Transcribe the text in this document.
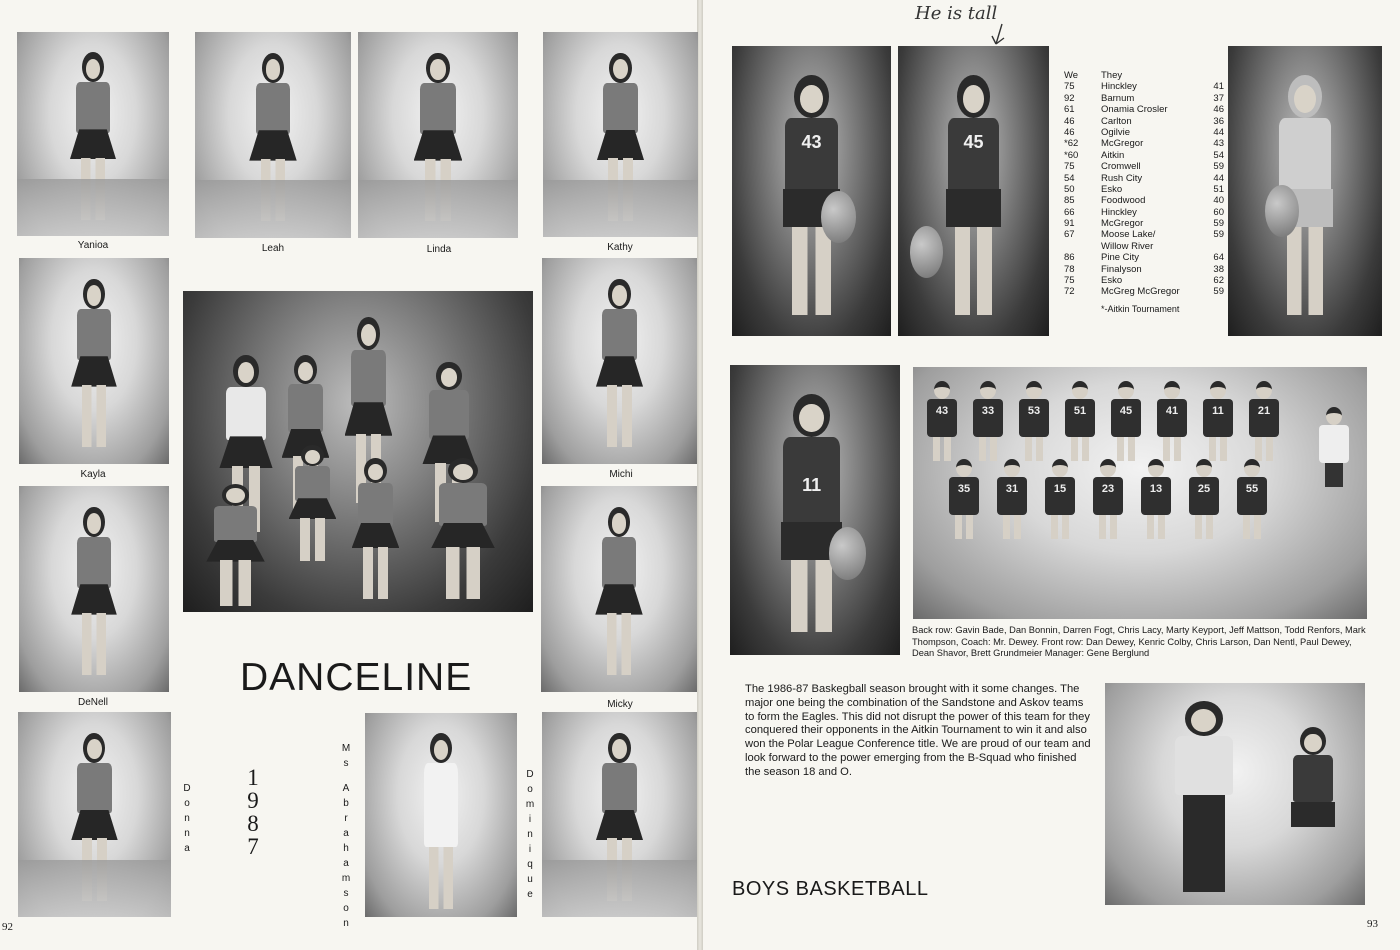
Yanioa	Leah	Linda	Kathy
Kayla	Michi
DeNell	Micky
DANCELINE
D
o
n
n
a
1
9
8
7
M
s
A
b
r
a
h
a
m
s
o
n
D
o
m
i
n
i
q
u
e
92
He is tall
43	45
We They
75	Hinckley	41
92	Barnum	37
61	Onamia Crosler	46
46	Carlton	36
46	Ogilvie	44
*62 McGregor	43
*60 Aitkin	54
75	Cromwell	59
54	Rush City	44
50	Esko	51
85	Foodwood	40
66	Hinckley	60
91	McGregor	59
67	Moose Lake/	59
Willow River
86	Pine City	64
78	Finalyson	38
75	Esko	62
72	McGreg McGregor	59
*-Aitkin Tournament
11
43	33	53	51	45	41	11	21
35	31	15	23	13	25	55
Back row: Gavin Bade, Dan Bonnin, Darren Fogt, Chris Lacy, Marty Keyport, Jeff Mattson, Todd Renfors, Mark Thompson, Coach: Mr. Dewey. Front row: Dan Dewey, Kenric Colby, Chris Larson, Dan Nentl, Paul Dewey, Dean Shavor, Brett Grundmeier Manager: Gene Berglund
The 1986-87 Baskegball season brought with it some changes. The major one being the combination of the Sandstone and Askov teams to form the Eagles. This did not disrupt the power of this team for they conquered their opponents in the Aitkin Tournament to win it and also won the Polar League Conference title. We are proud of our team and look forward to the power emerging from the B-Squad who finished the season 18 and O.
BOYS BASKETBALL
93
